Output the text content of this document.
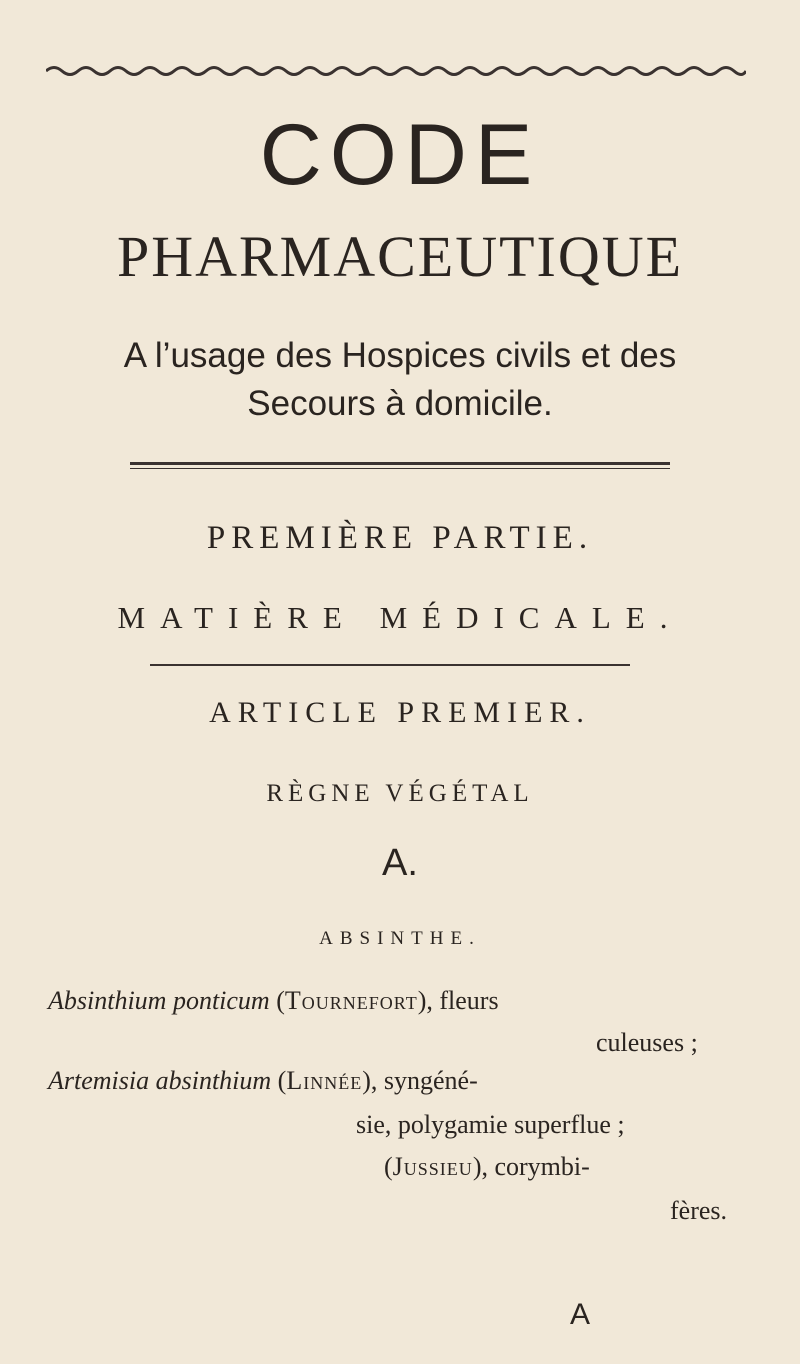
CODE
PHARMACEUTIQUE
A l’usage des Hospices civils et des
Secours à domicile.
PREMIÈRE PARTIE.
MATIÈRE MÉDICALE.
ARTICLE PREMIER.
RÈGNE VÉGÉTAL
A.
ABSINTHE.
Absinthium ponticum (Tournefort), fleurs
culeuses ;
Artemisia absinthium (Linnée), syngéné-
sie, polygamie superflue ;
(Jussieu), corymbi-
fères.
A
